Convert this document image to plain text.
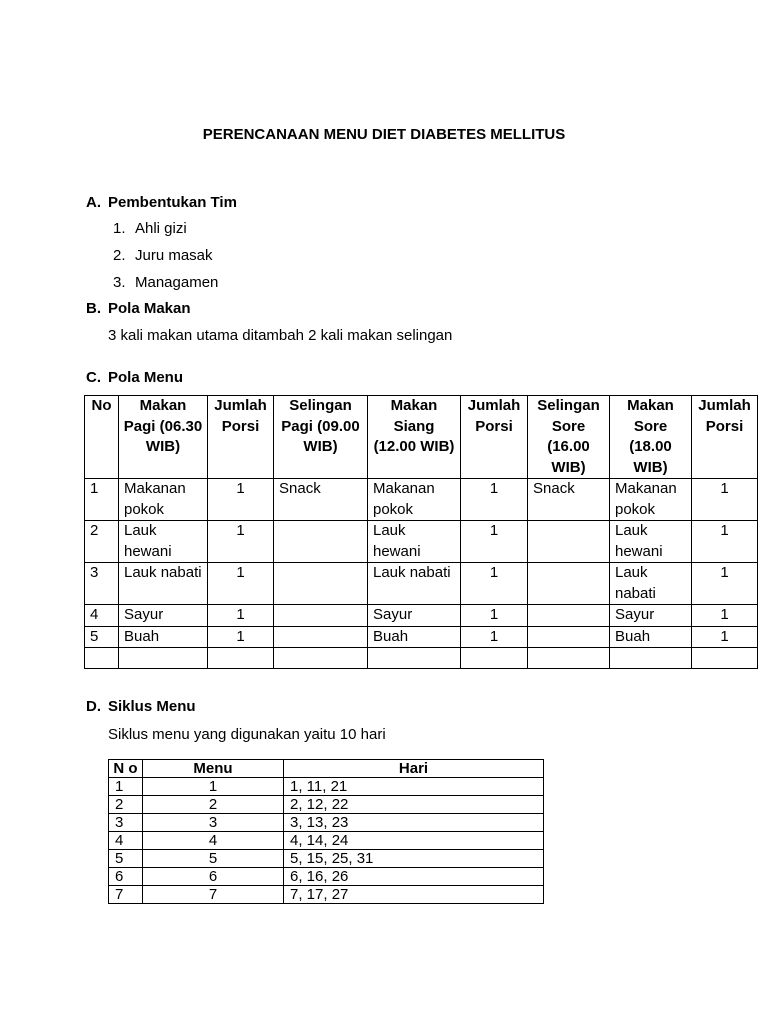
PERENCANAAN MENU DIET DIABETES MELLITUS
A. Pembentukan Tim
1. Ahli gizi
2. Juru masak
3. Managamen
B. Pola Makan
3 kali makan utama ditambah 2 kali makan selingan
C. Pola Menu
No	Makan Pagi (06.30 WIB)	Jumlah Porsi	Selingan Pagi (09.00 WIB)	Makan Siang (12.00 WIB)	Jumlah Porsi	Selingan Sore (16.00 WIB)	Makan Sore (18.00 WIB)	Jumlah Porsi
1	Makanan pokok	1	Snack	Makanan pokok	1	Snack	Makanan pokok	1
2	Lauk hewani	1		Lauk hewani	1		Lauk hewani	1
3	Lauk nabati	1		Lauk nabati	1		Lauk nabati	1
4	Sayur	1		Sayur	1		Sayur	1
5	Buah	1		Buah	1		Buah	1

D. Siklus Menu
Siklus menu yang digunakan yaitu 10 hari
N o	Menu	Hari
1	1	1, 11, 21
2	2	2, 12, 22
3	3	3, 13, 23
4	4	4, 14, 24
5	5	5, 15, 25, 31
6	6	6, 16, 26
7	7	7, 17, 27
